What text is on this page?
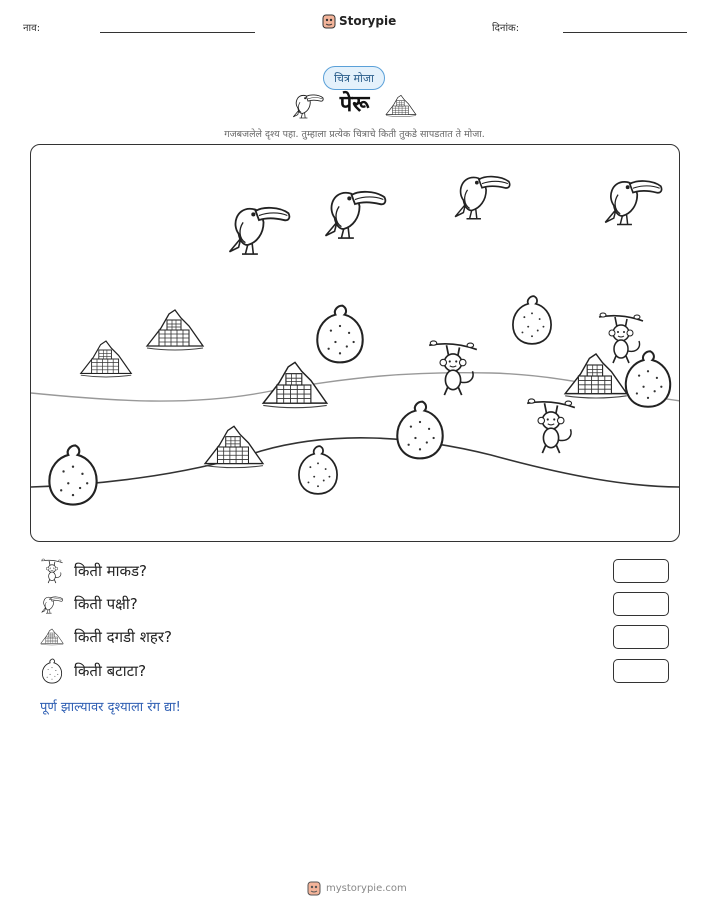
नाव:
Storypie
दिनांक:
चित्र मोजा
पेरू
गजबजलेले दृश्य पहा. तुम्हाला प्रत्येक चित्राचे किती तुकडे सापडतात ते मोजा.
किती माकड?
किती पक्षी?
किती दगडी शहर?
किती बटाटा?
पूर्ण झाल्यावर दृश्याला रंग द्या!
mystorypie.com
